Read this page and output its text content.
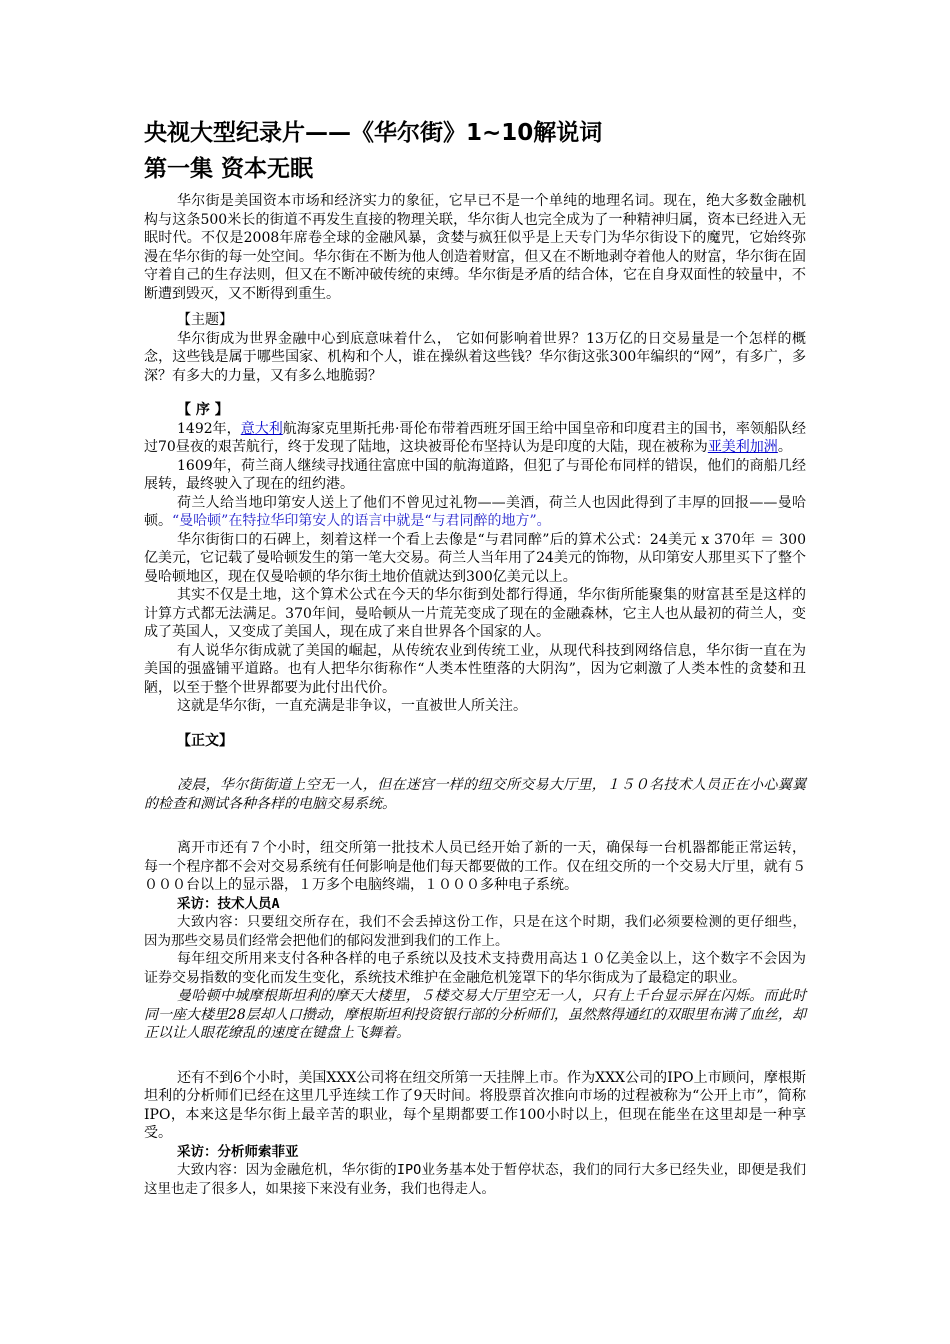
央视大型纪录片——《华尔街》1~10解说词
第一集 资本无眠

华尔街是美国资本市场和经济实力的象征，它早已不是一个单纯的地理名词。现在，绝大多数金融机构与这条500米长的街道不再发生直接的物理关联，华尔街人也完全成为了一种精神归属，资本已经进入无眠时代。不仅是2008年席卷全球的金融风暴，贪婪与疯狂似乎是上天专门为华尔街设下的魔咒，它始终弥漫在华尔街的每一处空间。华尔街在不断为他人创造着财富，但又在不断地剥夺着他人的财富，华尔街在固守着自己的生存法则，但又在不断冲破传统的束缚。华尔街是矛盾的结合体，它在自身双面性的较量中，不断遭到毁灭，又不断得到重生。

【主题】

华尔街成为世界金融中心到底意味着什么， 它如何影响着世界？13万亿的日交易量是一个怎样的概念，这些钱是属于哪些国家、机构和个人，谁在操纵着这些钱？华尔街这张300年编织的“网”，有多广，多深？有多大的力量，又有多么地脆弱？

【 序 】

1492年，意大利航海家克里斯托弗·哥伦布带着西班牙国王给中国皇帝和印度君主的国书，率领船队经过70昼夜的艰苦航行，终于发现了陆地，这块被哥伦布坚持认为是印度的大陆，现在被称为亚美利加洲。

1609年，荷兰商人继续寻找通往富庶中国的航海道路，但犯了与哥伦布同样的错误，他们的商船几经展转，最终驶入了现在的纽约港。

荷兰人给当地印第安人送上了他们不曾见过礼物——美酒，荷兰人也因此得到了丰厚的回报——曼哈顿。“曼哈顿”在特拉华印第安人的语言中就是“与君同醉的地方”。

华尔街街口的石碑上，刻着这样一个看上去像是“与君同醉”后的算术公式：24美元 x 370年 ＝ 300亿美元，它记载了曼哈顿发生的第一笔大交易。荷兰人当年用了24美元的饰物，从印第安人那里买下了整个曼哈顿地区，现在仅曼哈顿的华尔街土地价值就达到300亿美元以上。

其实不仅是土地，这个算术公式在今天的华尔街到处都行得通，华尔街所能聚集的财富甚至是这样的计算方式都无法满足。370年间，曼哈顿从一片荒芜变成了现在的金融森林，它主人也从最初的荷兰人，变成了英国人，又变成了美国人，现在成了来自世界各个国家的人。

有人说华尔街成就了美国的崛起，从传统农业到传统工业，从现代科技到网络信息，华尔街一直在为美国的强盛铺平道路。也有人把华尔街称作“人类本性堕落的大阴沟”，因为它刺激了人类本性的贪婪和丑陋，以至于整个世界都要为此付出代价。

这就是华尔街，一直充满是非争议，一直被世人所关注。

【正文】

凌晨，华尔街街道上空无一人，但在迷宫一样的纽交所交易大厅里，１５０名技术人员正在小心翼翼的检查和测试各种各样的电脑交易系统。

离开市还有７个小时，纽交所第一批技术人员已经开始了新的一天，确保每一台机器都能正常运转，每一个程序都不会对交易系统有任何影响是他们每天都要做的工作。仅在纽交所的一个交易大厅里，就有５０００台以上的显示器，１万多个电脑终端，１０００多种电子系统。

采访：技术人员A

大致内容：只要纽交所存在，我们不会丢掉这份工作，只是在这个时期，我们必须要检测的更仔细些， 因为那些交易员们经常会把他们的郁闷发泄到我们的工作上。

每年纽交所用来支付各种各样的电子系统以及技术支持费用高达１０亿美金以上，这个数字不会因为证券交易指数的变化而发生变化，系统技术维护在金融危机笼罩下的华尔街成为了最稳定的职业。

曼哈顿中城摩根斯坦利的摩天大楼里，５楼交易大厅里空无一人，只有上千台显示屏在闪烁。而此时同一座大楼里28层却人口攒动，摩根斯坦利投资银行部的分析师们，虽然熬得通红的双眼里布满了血丝，却正以让人眼花缭乱的速度在键盘上飞舞着。

还有不到6个小时，美国XXX公司将在纽交所第一天挂牌上市。作为XXX公司的IPO上市顾问，摩根斯坦利的分析师们已经在这里几乎连续工作了9天时间。将股票首次推向市场的过程被称为“公开上市”，简称IPO，本来这是华尔街上最辛苦的职业，每个星期都要工作100小时以上，但现在能坐在这里却是一种享受。

采访：分析师索菲亚

大致内容：因为金融危机，华尔街的IPO业务基本处于暂停状态，我们的同行大多已经失业，即便是我们这里也走了很多人，如果接下来没有业务，我们也得走人。
